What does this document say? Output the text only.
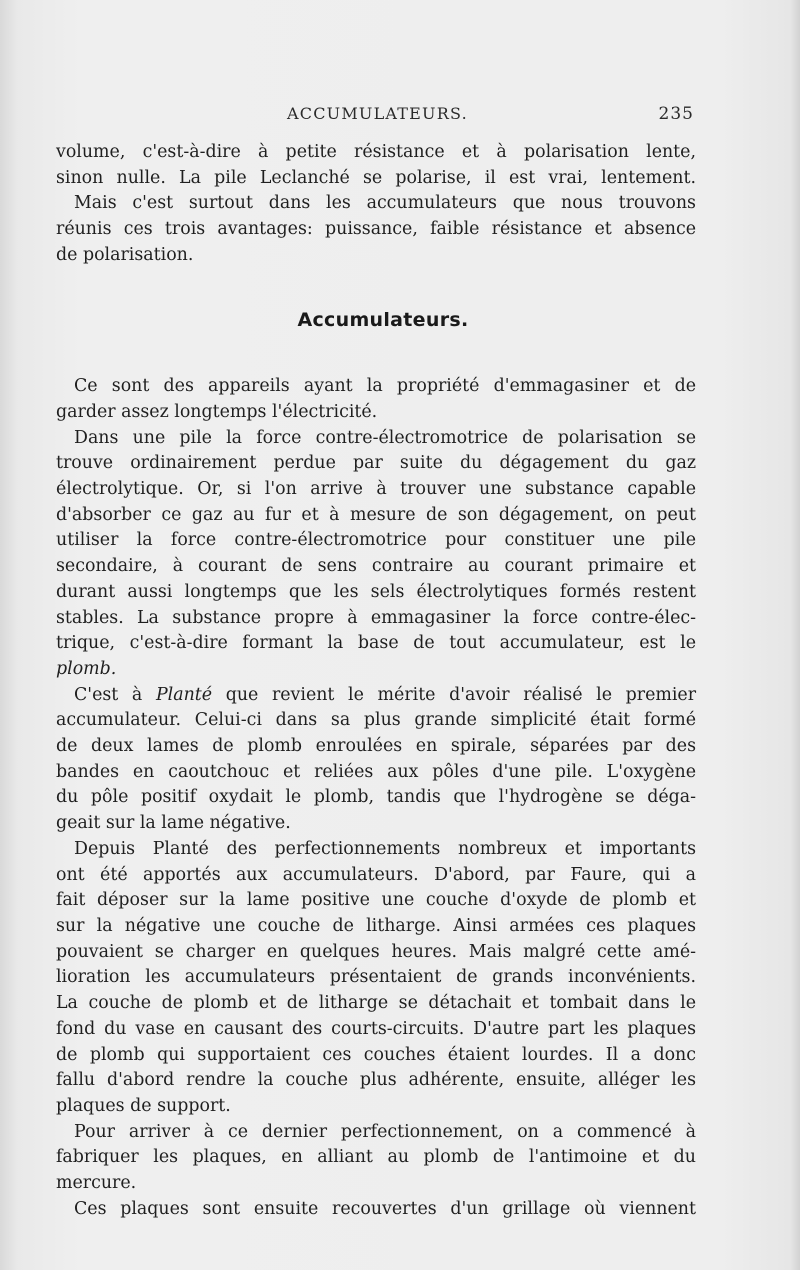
ACCUMULATEURS.	235
volume, c'est-à-dire à petite résistance et à polarisation lente,
sinon nulle. La pile Leclanché se polarise, il est vrai, lentement.
Mais c'est surtout dans les accumulateurs que nous trouvons
réunis ces trois avantages: puissance, faible résistance et absence
de polarisation.
Accumulateurs.
Ce sont des appareils ayant la propriété d'emmagasiner et de
garder assez longtemps l'électricité.
Dans une pile la force contre-électromotrice de polarisation se
trouve ordinairement perdue par suite du dégagement du gaz
électrolytique. Or, si l'on arrive à trouver une substance capable
d'absorber ce gaz au fur et à mesure de son dégagement, on peut
utiliser la force contre-électromotrice pour constituer une pile
secondaire, à courant de sens contraire au courant primaire et
durant aussi longtemps que les sels électrolytiques formés restent
stables. La substance propre à emmagasiner la force contre-élec-
trique, c'est-à-dire formant la base de tout accumulateur, est le
plomb.
C'est à Planté que revient le mérite d'avoir réalisé le premier
accumulateur. Celui-ci dans sa plus grande simplicité était formé
de deux lames de plomb enroulées en spirale, séparées par des
bandes en caoutchouc et reliées aux pôles d'une pile. L'oxygène
du pôle positif oxydait le plomb, tandis que l'hydrogène se déga-
geait sur la lame négative.
Depuis Planté des perfectionnements nombreux et importants
ont été apportés aux accumulateurs. D'abord, par Faure, qui a
fait déposer sur la lame positive une couche d'oxyde de plomb et
sur la négative une couche de litharge. Ainsi armées ces plaques
pouvaient se charger en quelques heures. Mais malgré cette amé-
lioration les accumulateurs présentaient de grands inconvénients.
La couche de plomb et de litharge se détachait et tombait dans le
fond du vase en causant des courts-circuits. D'autre part les plaques
de plomb qui supportaient ces couches étaient lourdes. Il a donc
fallu d'abord rendre la couche plus adhérente, ensuite, alléger les
plaques de support.
Pour arriver à ce dernier perfectionnement, on a commencé à
fabriquer les plaques, en alliant au plomb de l'antimoine et du
mercure.
Ces plaques sont ensuite recouvertes d'un grillage où viennent
